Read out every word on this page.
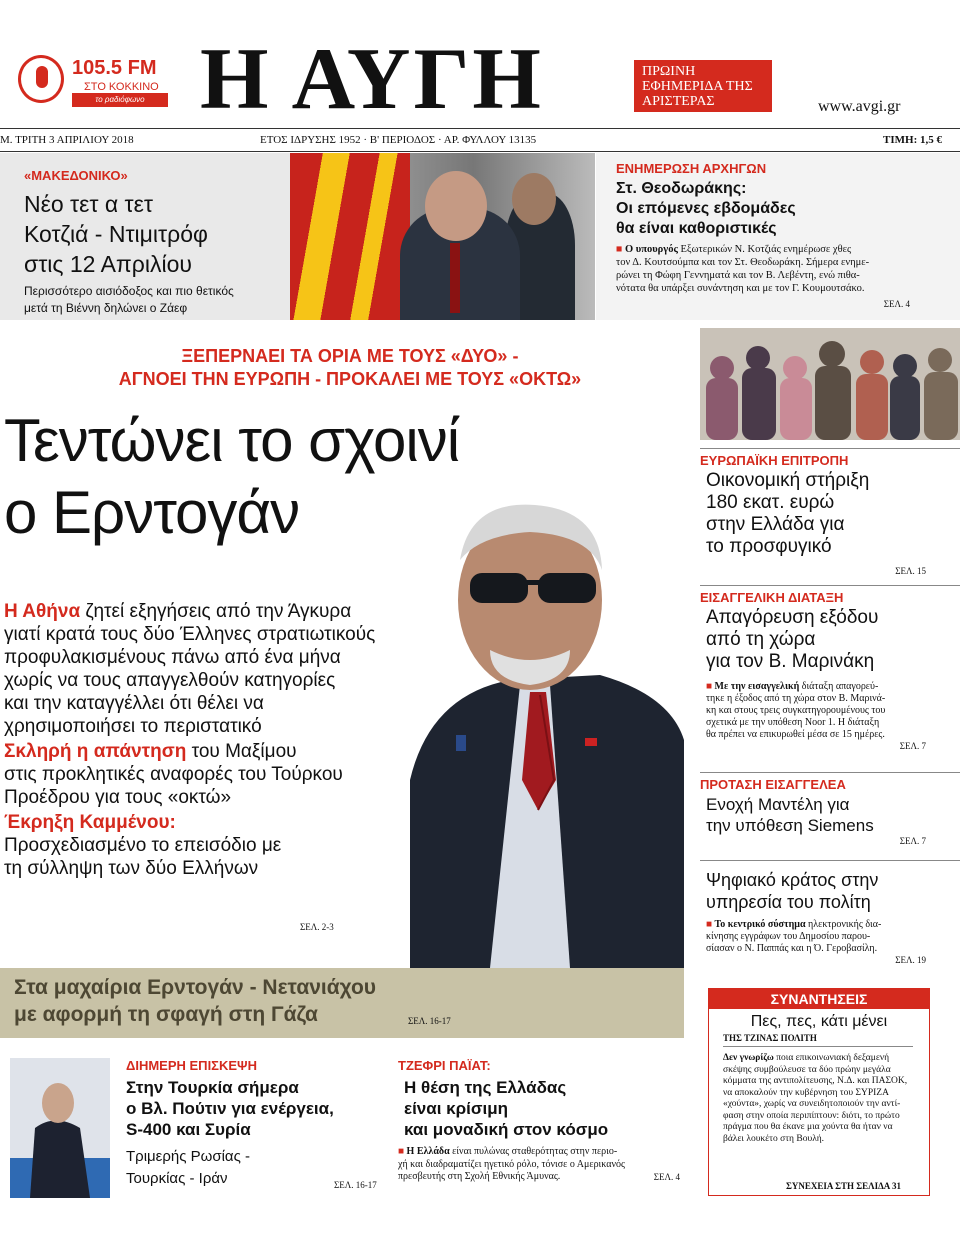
105.5 FM
ΣΤΟ ΚΟΚΚΙΝΟ
το ραδιόφωνο που...ακούει! Η ΑΥΓΗ	ΠΡΩΙΝΗ ΕΦΗΜΕΡΙΔΑ ΤΗΣ ΑΡΙΣΤΕΡΑΣ	www.avgi.gr
Μ. ΤΡΙΤΗ 3 ΑΠΡΙΛΙΟΥ 2018	ΕΤΟΣ ΙΔΡΥΣΗΣ 1952 · Β' ΠΕΡΙΟΔΟΣ · ΑΡ. ΦΥΛΛΟΥ 13135	ΤΙΜΗ: 1,5 €
«ΜΑΚΕΔΟΝΙΚΟ»
Νέο τετ α τετ
Κοτζιά - Ντιμιτρόφ
στις 12 Απριλίου
Περισσότερο αισιόδοξος και πιο θετικός
μετά τη Βιέννη δηλώνει ο Ζάεφ
ΕΝΗΜΕΡΩΣΗ ΑΡΧΗΓΩΝ
Στ. Θεοδωράκης:
Οι επόμενες εβδομάδες
θα είναι καθοριστικές
■ Ο υπουργός Εξωτερικών Ν. Κοτζιάς ενημέρωσε χθες
τον Δ. Κουτσούμπα και τον Στ. Θεοδωράκη. Σήμερα ενημε-
ρώνει τη Φώφη Γεννηματά και τον Β. Λεβέντη, ενώ πιθα-
νότατα θα υπάρξει συνάντηση και με τον Γ. Κουμουτσάκο.
ΣΕΛ. 4
ΞΕΠΕΡΝΑΕΙ ΤΑ ΟΡΙΑ ΜΕ ΤΟΥΣ «ΔΥΟ» -
ΑΓΝΟΕΙ ΤΗΝ ΕΥΡΩΠΗ - ΠΡΟΚΑΛΕΙ ΜΕ ΤΟΥΣ «ΟΚΤΩ»
Τεντώνει το σχοινί
ο Ερντογάν
Η Αθήνα ζητεί εξηγήσεις από την Άγκυρα
γιατί κρατά τους δύο Έλληνες στρατιωτικούς
προφυλακισμένους πάνω από ένα μήνα
χωρίς να τους απαγγελθούν κατηγορίες
και την καταγγέλλει ότι θέλει να
χρησιμοποιήσει το περιστατικό
Σκληρή η απάντηση του Μαξίμου
στις προκλητικές αναφορές του Τούρκου
Προέδρου για τους «οκτώ»
Έκρηξη Καμμένου:
Προσχεδιασμένο το επεισόδιο με
τη σύλληψη των δύο Ελλήνων
ΣΕΛ. 2-3
Στα μαχαίρια Ερντογάν - Νετανιάχου
με αφορμή τη σφαγή στη Γάζα	ΣΕΛ. 16-17
ΕΥΡΩΠΑΪΚΗ ΕΠΙΤΡΟΠΗ
Οικονομική στήριξη
180 εκατ. ευρώ
στην Ελλάδα για
το προσφυγικό
ΣΕΛ. 15
ΕΙΣΑΓΓΕΛΙΚΗ ΔΙΑΤΑΞΗ
Απαγόρευση εξόδου
από τη χώρα
για τον Β. Μαρινάκη
■ Με την εισαγγελική διάταξη απαγορεύ-
τηκε η έξοδος από τη χώρα στον Β. Μαρινά-
κη και στους τρεις συγκατηγορουμένους του
σχετικά με την υπόθεση Noor 1. Η διάταξη
θα πρέπει να επικυρωθεί μέσα σε 15 ημέρες.
ΣΕΛ. 7
ΠΡΟΤΑΣΗ ΕΙΣΑΓΓΕΛΕΑ
Ενοχή Μαντέλη για
την υπόθεση Siemens
ΣΕΛ. 7
Ψηφιακό κράτος στην
υπηρεσία του πολίτη
■ Το κεντρικό σύστημα ηλεκτρονικής δια-
κίνησης εγγράφων του Δημοσίου παρου-
σίασαν ο Ν. Παππάς και η Ό. Γεροβασίλη.
ΣΕΛ. 19
ΣΥΝΑΝΤΗΣΕΙΣ
Πες, πες, κάτι μένει
ΤΗΣ ΤΖΙΝΑΣ ΠΟΛΙΤΗ
Δεν γνωρίζω ποια επικοινωνιακή δεξαμενή
σκέψης συμβούλευσε τα δύο πρώην μεγάλα
κόμματα της αντιπολίτευσης, Ν.Δ. και ΠΑΣΟΚ,
να αποκαλούν την κυβέρνηση του ΣΥΡΙΖΑ
«χούντα», χωρίς να συνειδητοποιούν την αντί-
φαση στην οποία περιπίπτουν: διότι, το πρώτο
πράγμα που θα έκανε μια χούντα θα ήταν να
βάλει λουκέτο στη Βουλή.
ΣΥΝΕΧΕΙΑ ΣΤΗ ΣΕΛΙΔΑ 31
ΔΙΗΜΕΡΗ ΕΠΙΣΚΕΨΗ
Στην Τουρκία σήμερα
ο Βλ. Πούτιν για ενέργεια,
S-400 και Συρία
Τριμερής Ρωσίας -
Τουρκίας - Ιράν	ΣΕΛ. 16-17
ΤΖΕΦΡΙ ΠΑΪΑΤ:
Η θέση της Ελλάδας
είναι κρίσιμη
και μοναδική στον κόσμο
■ Η Ελλάδα είναι πυλώνας σταθερότητας στην περιο-
χή και διαδραματίζει ηγετικό ρόλο, τόνισε ο Αμερικανός
πρεσβευτής στη Σχολή Εθνικής Άμυνας.	ΣΕΛ. 4
